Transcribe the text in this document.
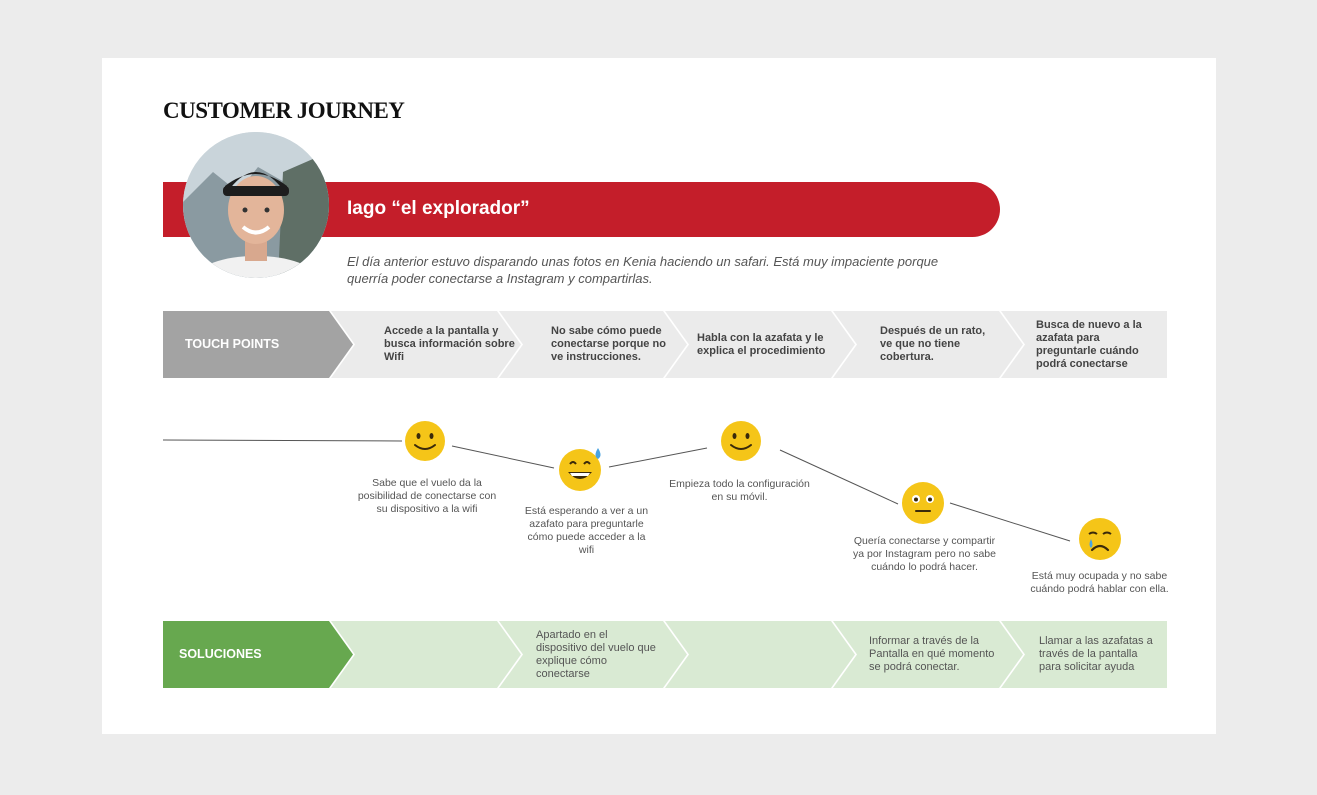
CUSTOMER JOURNEY
Iago “el explorador”
El día anterior estuvo disparando unas fotos en Kenia haciendo un safari. Está muy impaciente porque querría poder conectarse a Instagram y compartirlas.
TOUCH POINTS
Accede a la pantalla y busca información sobre Wifi
No sabe cómo puede conectarse porque no ve instrucciones.
Habla con la azafata y le explica el procedimiento
Después de un rato, ve que no tiene cobertura.
Busca de nuevo a la azafata para preguntarle cuándo podrá conectarse
Sabe que el vuelo da la posibilidad de conectarse con su dispositivo a la wifi	Está esperando a ver a un azafato para preguntarle cómo puede acceder a la wifi
Empieza todo la configuración en su móvil.
Quería conectarse y compartir ya por Instagram pero no sabe cuándo lo podrá hacer.
Está muy ocupada y no sabe cuándo podrá hablar con ella.
SOLUCIONES
Apartado en el dispositivo del vuelo que explique cómo conectarse
Informar a través de la Pantalla en qué momento se podrá conectar.
Llamar a las azafatas a través de la pantalla para solicitar ayuda
